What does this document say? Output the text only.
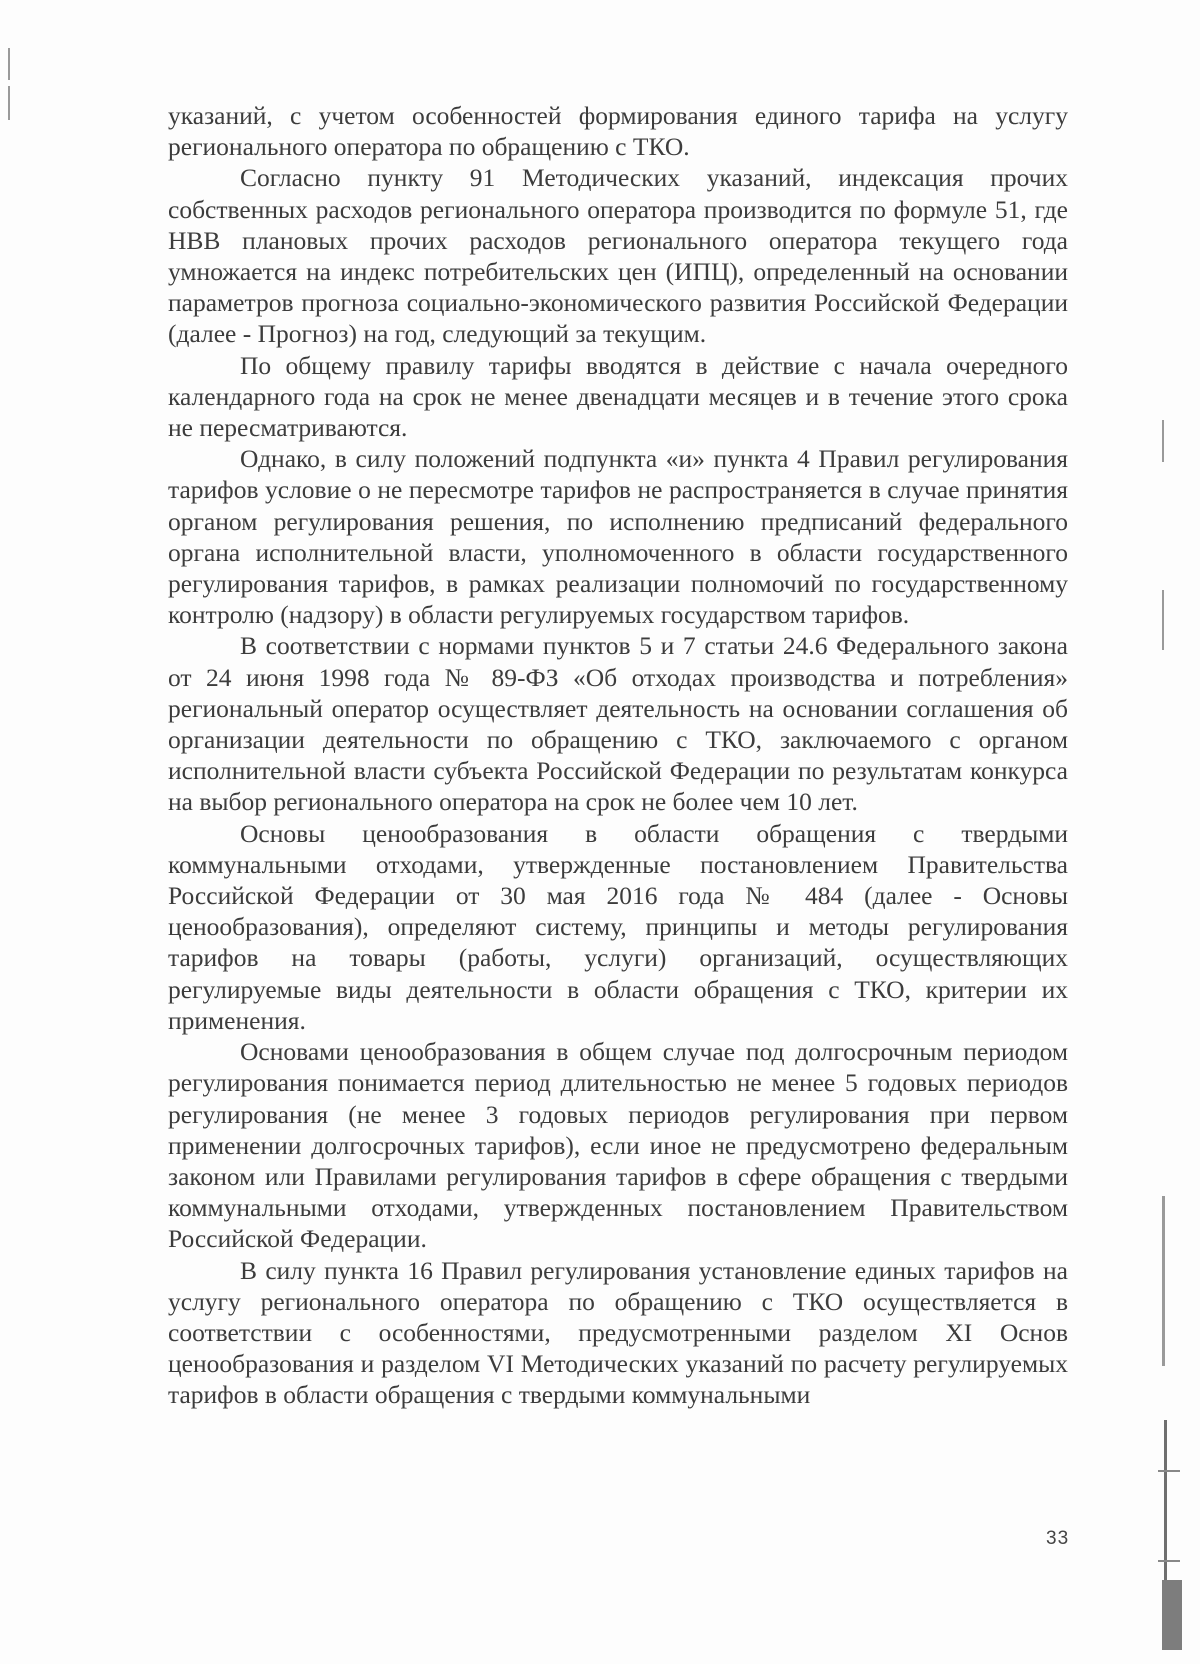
указаний, с учетом особенностей формирования единого тарифа на услугу регионального оператора по обращению с ТКО.

Согласно пункту 91 Методических указаний, индексация прочих собственных расходов регионального оператора производится по формуле 51, где НВВ плановых прочих расходов регионального оператора текущего года умножается на индекс потребительских цен (ИПЦ), определенный на основании параметров прогноза социально-экономического развития Российской Федерации (далее - Прогноз) на год, следующий за текущим.

По общему правилу тарифы вводятся в действие с начала очередного календарного года на срок не менее двенадцати месяцев и в течение этого срока не пересматриваются.

Однако, в силу положений подпункта «и» пункта 4 Правил регулирования тарифов условие о не пересмотре тарифов не распространяется в случае принятия органом регулирования решения, по исполнению предписаний федерального органа исполнительной власти, уполномоченного в области государственного регулирования тарифов, в рамках реализации полномочий по государственному контролю (надзору) в области регулируемых государством тарифов.

В соответствии с нормами пунктов 5 и 7 статьи 24.6 Федерального закона от 24 июня 1998 года № 89-ФЗ «Об отходах производства и потребления» региональный оператор осуществляет деятельность на основании соглашения об организации деятельности по обращению с ТКО, заключаемого с органом исполнительной власти субъекта Российской Федерации по результатам конкурса на выбор регионального оператора на срок не более чем 10 лет.

Основы ценообразования в области обращения с твердыми коммунальными отходами, утвержденные постановлением Правительства Российской Федерации от 30 мая 2016 года № 484 (далее - Основы ценообразования), определяют систему, принципы и методы регулирования тарифов на товары (работы, услуги) организаций, осуществляющих регулируемые виды деятельности в области обращения с ТКО, критерии их применения.

Основами ценообразования в общем случае под долгосрочным периодом регулирования понимается период длительностью не менее 5 годовых периодов регулирования (не менее 3 годовых периодов регулирования при первом применении долгосрочных тарифов), если иное не предусмотрено федеральным законом или Правилами регулирования тарифов в сфере обращения с твердыми коммунальными отходами, утвержденных постановлением Правительством Российской Федерации.

В силу пункта 16 Правил регулирования установление единых тарифов на услугу регионального оператора по обращению с ТКО осуществляется в соответствии с особенностями, предусмотренными разделом XI Основ ценообразования и разделом VI Методических указаний по расчету регулируемых тарифов в области обращения с твердыми коммунальными

33
